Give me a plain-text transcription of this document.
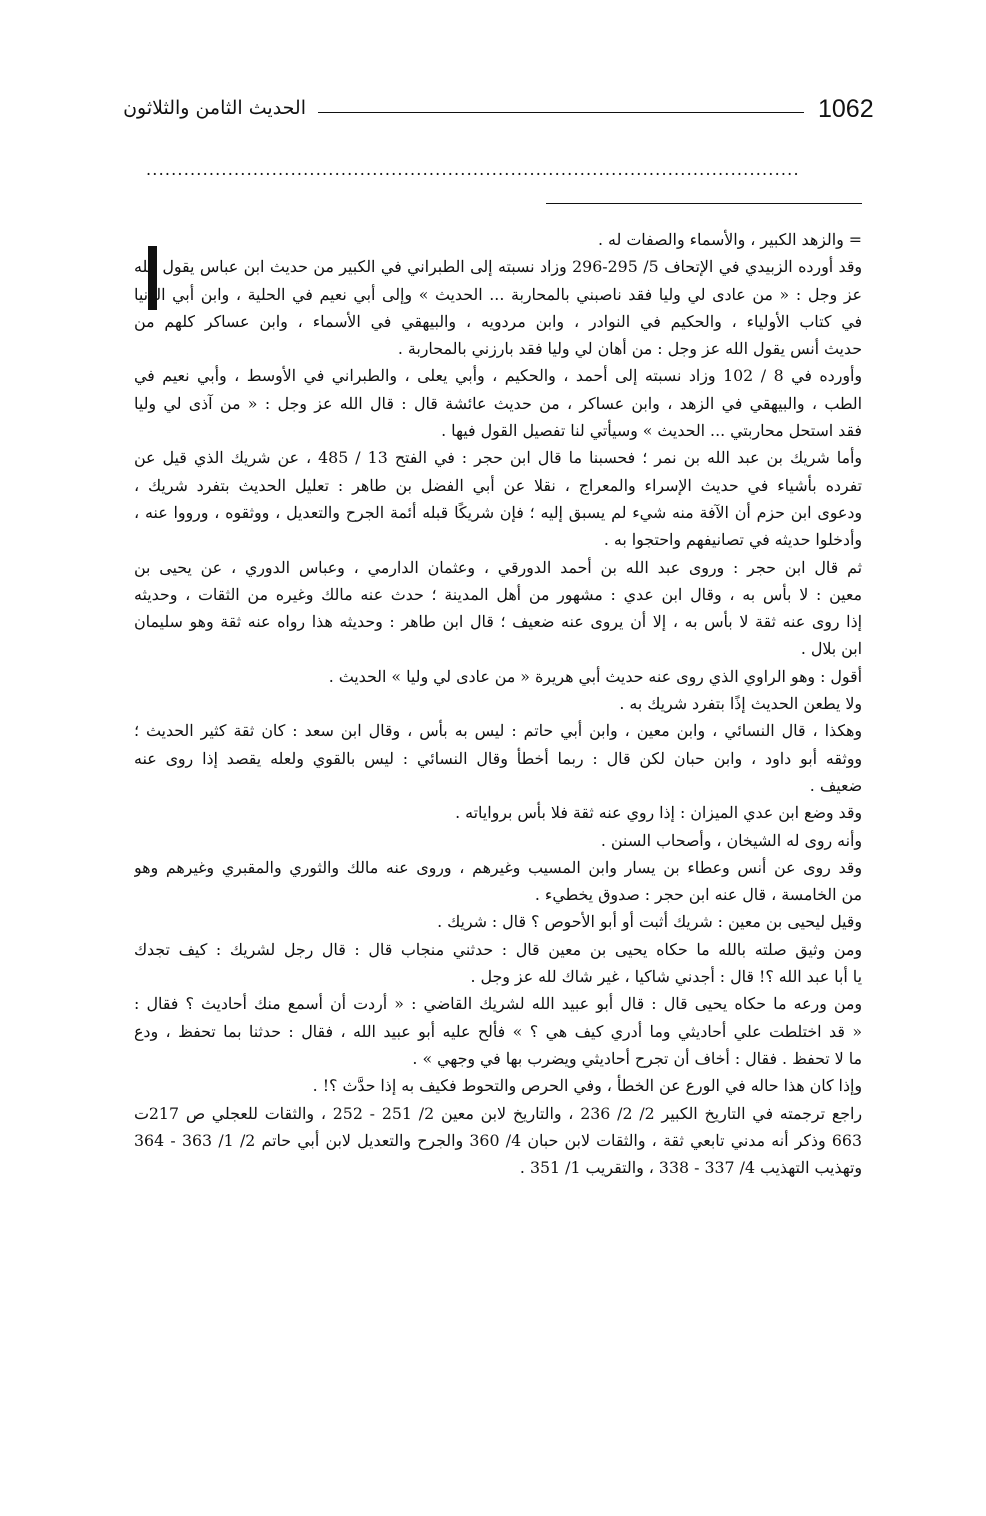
1062
الحديث الثامن والثلاثون
........................................................................................................
= والزهد الكبير ، والأسماء والصفات له .
وقد أورده الزبيدي في الإتحاف 5/ 295-296 وزاد نسبته إلى الطبراني في الكبير من حديث ابن عباس يقول الله
عز وجل : « من عادى لي وليا فقد ناصبني بالمحاربة ... الحديث » وإلى أبي نعيم في الحلية ، وابن أبي الدنيا
في كتاب الأولياء ، والحكيم في النوادر ، وابن مردويه ، والبيهقي في الأسماء ، وابن عساكر كلهم من
حديث أنس يقول الله عز وجل : من أهان لي وليا فقد بارزني بالمحاربة .
وأورده في 8 / 102 وزاد نسبته إلى أحمد ، والحكيم ، وأبي يعلى ، والطبراني في الأوسط ، وأبي نعيم في
الطب ، والبيهقي في الزهد ، وابن عساكر ، من حديث عائشة قال : قال الله عز وجل : « من آذى لي وليا
فقد استحل محاربتي ... الحديث » وسيأتي لنا تفصيل القول فيها .
وأما شريك بن عبد الله بن نمر ؛ فحسبنا ما قال ابن حجر : في الفتح 13 / 485 ، عن شريك الذي قيل عن
تفرده بأشياء في حديث الإسراء والمعراج ، نقلا عن أبي الفضل بن طاهر : تعليل الحديث بتفرد شريك ،
ودعوى ابن حزم أن الآفة منه شيء لم يسبق إليه ؛ فإن شريكًا قبله أئمة الجرح والتعديل ، ووثقوه ، ورووا عنه ،
وأدخلوا حديثه في تصانيفهم واحتجوا به .
ثم قال ابن حجر : وروى عبد الله بن أحمد الدورقي ، وعثمان الدارمي ، وعباس الدوري ، عن يحيى بن
معين : لا بأس به ، وقال ابن عدي : مشهور من أهل المدينة ؛ حدث عنه مالك وغيره من الثقات ، وحديثه
إذا روى عنه ثقة لا بأس به ، إلا أن يروى عنه ضعيف ؛ قال ابن طاهر : وحديثه هذا رواه عنه ثقة وهو سليمان
ابن بلال .
أقول : وهو الراوي الذي روى عنه حديث أبي هريرة « من عادى لي وليا » الحديث .
ولا يطعن الحديث إذًا بتفرد شريك به .
وهكذا ، قال النسائي ، وابن معين ، وابن أبي حاتم : ليس به بأس ، وقال ابن سعد : كان ثقة كثير الحديث ؛
ووثقه أبو داود ، وابن حبان لكن قال : ربما أخطأ وقال النسائي : ليس بالقوي ولعله يقصد إذا روى عنه
ضعيف .
وقد وضع ابن عدي الميزان : إذا روي عنه ثقة فلا بأس برواياته .
وأنه روى له الشيخان ، وأصحاب السنن .
وقد روى عن أنس وعطاء بن يسار وابن المسيب وغيرهم ، وروى عنه مالك والثوري والمقبري وغيرهم وهو
من الخامسة ، قال عنه ابن حجر : صدوق يخطيء .
وقيل ليحيى بن معين : شريك أثبت أو أبو الأحوص ؟ قال : شريك .
ومن وثيق صلته بالله ما حكاه يحيى بن معين قال : حدثني منجاب قال : قال رجل لشريك : كيف تجدك
يا أبا عبد الله ؟! قال : أجدني شاكيا ، غير شاك لله عز وجل .
ومن ورعه ما حكاه يحيى قال : قال أبو عبيد الله لشريك القاضي : « أردت أن أسمع منك أحاديث ؟ فقال :
« قد اختلطت علي أحاديثي وما أدري كيف هي ؟ » فألح عليه أبو عبيد الله ، فقال : حدثنا بما تحفظ ، ودع
ما لا تحفظ . فقال : أخاف أن تجرح أحاديثي ويضرب بها في وجهي » .
وإذا كان هذا حاله في الورع عن الخطأ ، وفي الحرص والتحوط فكيف به إذا حدَّث ؟! .
راجع ترجمته في التاريخ الكبير 2/ 2/ 236 ، والتاريخ لابن معين 2/ 251 - 252 ، والثقات للعجلي ص 217ت
663 وذكر أنه مدني تابعي ثقة ، والثقات لابن حبان 4/ 360 والجرح والتعديل لابن أبي حاتم 2/ 1/ 363 - 364
وتهذيب التهذيب 4/ 337 - 338 ، والتقريب 1/ 351 .
